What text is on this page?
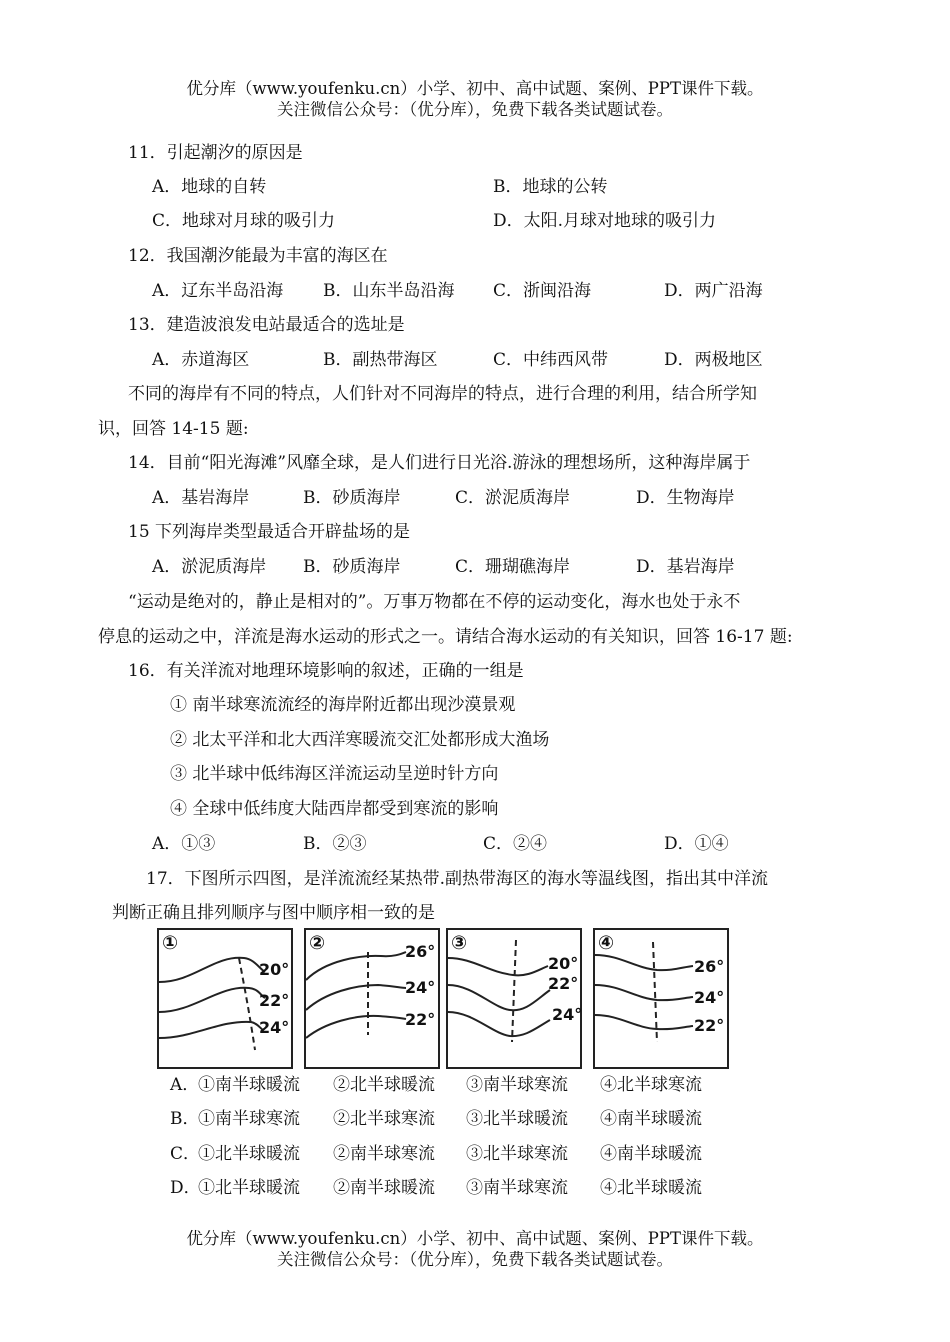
优分库（www.youfenku.cn）小学、初中、高中试题、案例、PPT课件下载。
关注微信公众号：（优分库），免费下载各类试题试卷。
11．引起潮汐的原因是
A．地球的自转	B．地球的公转
C．地球对月球的吸引力	D．太阳.月球对地球的吸引力
12．我国潮汐能最为丰富的海区在
A．辽东半岛沿海 B．山东半岛沿海 C．浙闽沿海	D．两广沿海
13．建造波浪发电站最适合的选址是
A．赤道海区	B．副热带海区	C．中纬西风带	D．两极地区
不同的海岸有不同的特点，人们针对不同海岸的特点，进行合理的利用，结合所学知
识，回答 14-15 题:
14．目前“阳光海滩”风靡全球，是人们进行日光浴.游泳的理想场所，这种海岸属于
A．基岩海岸	B．砂质海岸	C．淤泥质海岸	D．生物海岸
15 下列海岸类型最适合开辟盐场的是
A．淤泥质海岸 B．砂质海岸	C．珊瑚礁海岸	D．基岩海岸
“运动是绝对的，静止是相对的”。万事万物都在不停的运动变化，海水也处于永不
停息的运动之中，洋流是海水运动的形式之一。请结合海水运动的有关知识，回答 16-17 题:
16．有关洋流对地理环境影响的叙述，正确的一组是
① 南半球寒流流经的海岸附近都出现沙漠景观
② 北太平洋和北大西洋寒暖流交汇处都形成大渔场
③ 北半球中低纬海区洋流运动呈逆时针方向
④ 全球中低纬度大陆西岸都受到寒流的影响
A．①③	B．②③	C．②④	D．①④
17．下图所示四图，是洋流流经某热带.副热带海区的海水等温线图，指出其中洋流
判断正确且排列顺序与图中顺序相一致的是
①
20°
22°
24°
②	26°
24°
22°
③
20°
22°
24°
④
26°
24°
22°
A．
①南半球暖流 ②北半球暖流 ③南半球寒流 ④北半球寒流
B．
①南半球寒流 ②北半球寒流 ③北半球暖流 ④南半球暖流
C．
①北半球暖流 ②南半球寒流 ③北半球寒流 ④南半球暖流
D．
①北半球暖流 ②南半球暖流 ③南半球寒流 ④北半球暖流
优分库（www.youfenku.cn）小学、初中、高中试题、案例、PPT课件下载。
关注微信公众号：（优分库），免费下载各类试题试卷。
